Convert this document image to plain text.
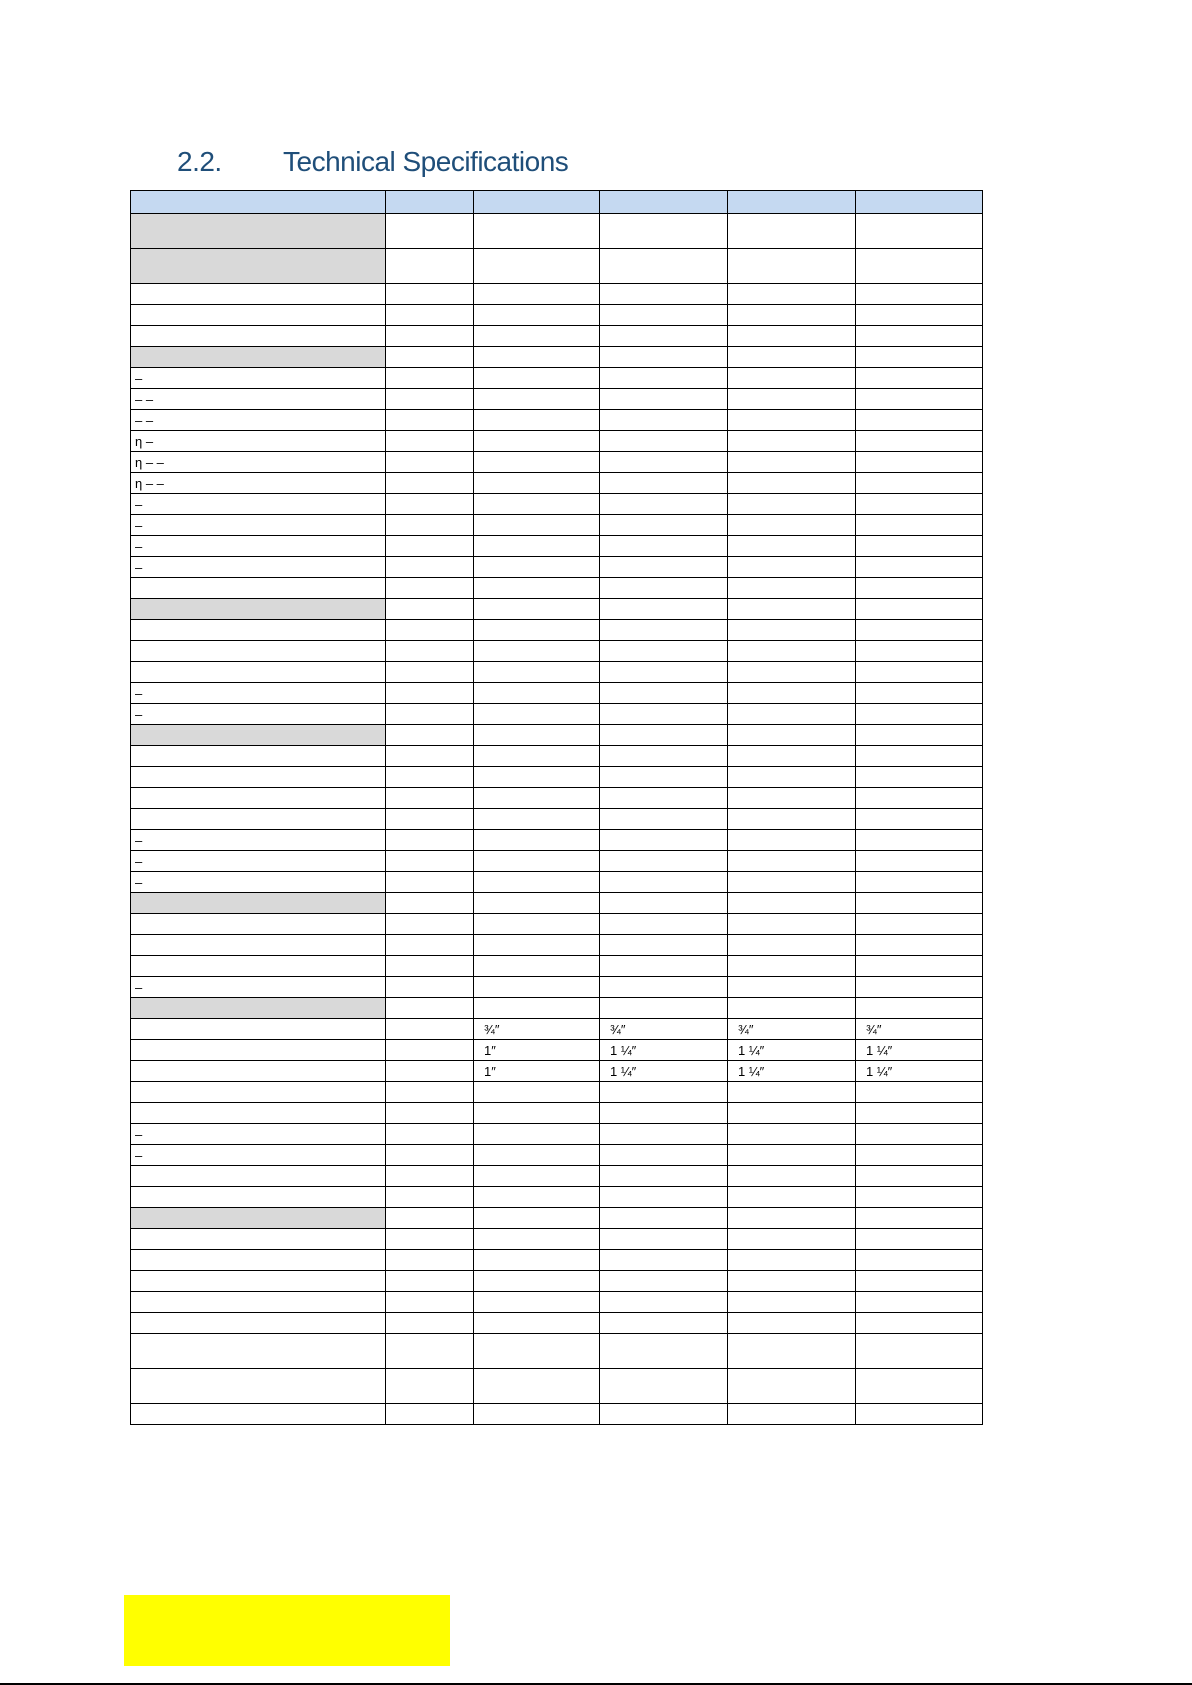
2.2.	Technical Specifications

–					
– –					
– –					
η –					
η – –					
η – –					
–					
–					
–					
–					

–					
–					

–					
–					
–					

–					

		¾″	¾″	¾″	¾″
		1″	1 ¼″	1 ¼″	1 ¼″
		1″	1 ¼″	1 ¼″	1 ¼″

–					
–					
